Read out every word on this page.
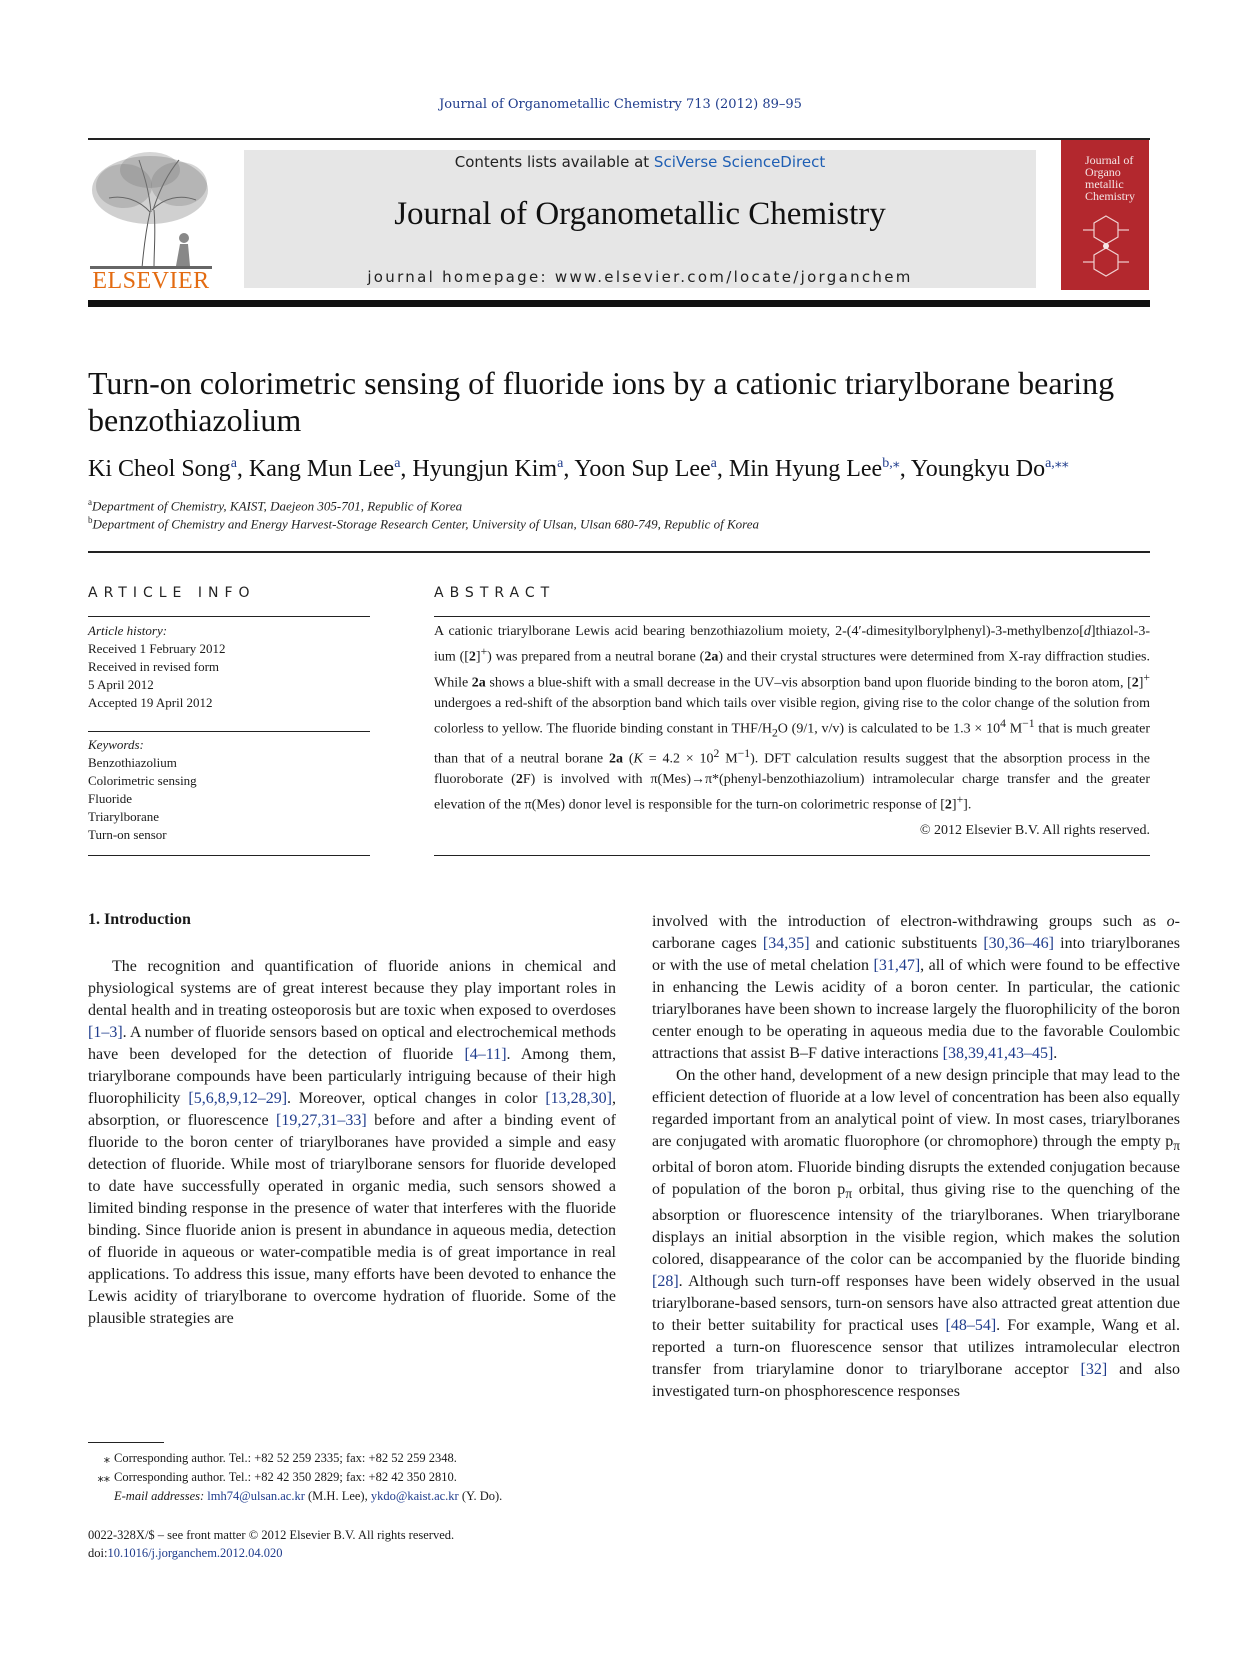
Journal of Organometallic Chemistry 713 (2012) 89–95
ELSEVIER
Contents lists available at SciVerse ScienceDirect
Journal of Organometallic Chemistry
journal homepage: www.elsevier.com/locate/jorganchem
Journal of Organo metallic Chemistry
Turn-on colorimetric sensing of fluoride ions by a cationic triarylborane bearing benzothiazolium
Ki Cheol Song$^a$, Kang Mun Lee$^a$, Hyungjun Kim$^a$, Yoon Sup Lee$^a$, Min Hyung Lee$^{b,⁎}$, Youngkyu $Do^{a,⁎⁎}$
$^a$Department of Chemistry, KAIST, Daejeon 305-701, Republic of Korea
$^b$Department of Chemistry and Energy Harvest-Storage Research Center, University of Ulsan, Ulsan 680-749, Republic of Korea
ARTICLE INFO
Article history:
Received 1 February 2012
Received in revised form
5 April 2012
Accepted 19 April 2012
Keywords:
Benzothiazolium
Colorimetric sensing
Fluoride
Triarylborane
Turn-on sensor
ABSTRACT
A cationic triarylborane Lewis acid bearing benzothiazolium moiety, 2-(4′-dimesitylborylphenyl)-3-methylbenzo[d]thiazol-3-ium ([2]+) was prepared from a neutral borane (2a) and their crystal structures were determined from X-ray diffraction studies. While 2a shows a blue-shift with a small decrease in the UV–vis absorption band upon fluoride binding to the boron atom, [2]+ undergoes a red-shift of the absorption band which tails over visible region, giving rise to the color change of the solution from colorless to yellow. The fluoride binding constant in THF/$H_2O$ (9/1, v/v) is calculated to be $1.3 \times 10^4$ $M^{-1}$ that is much greater than that of a neutral borane 2a ($K = 4.2 \times 10^2$ $M^{-1}$). DFT calculation results suggest that the absorption process in the fluoroborate (2F) is involved with π(Mes)→π*(phenyl-benzothiazolium) intramolecular charge transfer and the greater elevation of the π(Mes) donor level is responsible for the turn-on colorimetric response of [2]+].
© 2012 Elsevier B.V. All rights reserved.
1. Introduction

The recognition and quantification of fluoride anions in chemical and physiological systems are of great interest because they play important roles in dental health and in treating osteoporosis but are toxic when exposed to overdoses [1–3]. A number of fluoride sensors based on optical and electrochemical methods have been developed for the detection of fluoride [4–11]. Among them, triarylborane compounds have been particularly intriguing because of their high fluorophilicity [5,6,8,9,12–29]. Moreover, optical changes in color [13,28,30], absorption, or fluorescence [19,27,31–33] before and after a binding event of fluoride to the boron center of triarylboranes have provided a simple and easy detection of fluoride. While most of triarylborane sensors for fluoride developed to date have successfully operated in organic media, such sensors showed a limited binding response in the presence of water that interferes with the fluoride binding. Since fluoride anion is present in abundance in aqueous media, detection of fluoride in aqueous or water-compatible media is of great importance in real applications. To address this issue, many efforts have been devoted to enhance the Lewis acidity of triarylborane to overcome hydration of fluoride. Some of the plausible strategies are

involved with the introduction of electron-withdrawing groups such as o-carborane cages [34,35] and cationic substituents [30,36–46] into triarylboranes or with the use of metal chelation [31,47], all of which were found to be effective in enhancing the Lewis acidity of a boron center. In particular, the cationic triarylboranes have been shown to increase largely the fluorophilicity of the boron center enough to be operating in aqueous media due to the favorable Coulombic attractions that assist B–F dative interactions [38,39,41,43–45].

On the other hand, development of a new design principle that may lead to the efficient detection of fluoride at a low level of concentration has been also equally regarded important from an analytical point of view. In most cases, triarylboranes are conjugated with aromatic fluorophore (or chromophore) through the empty $p_\pi$ orbital of boron atom. Fluoride binding disrupts the extended conjugation because of population of the boron $p_\pi$ orbital, thus giving rise to the quenching of the absorption or fluorescence intensity of the triarylboranes. When triarylborane displays an initial absorption in the visible region, which makes the solution colored, disappearance of the color can be accompanied by the fluoride binding [28]. Although such turn-off responses have been widely observed in the usual triarylborane-based sensors, turn-on sensors have also attracted great attention due to their better suitability for practical uses [48–54]. For example, Wang et al. reported a turn-on fluorescence sensor that utilizes intramolecular electron transfer from triarylamine donor to triarylborane acceptor [32] and also investigated turn-on phosphorescence responses

⁎ Corresponding author. Tel.: +82 52 259 2335; fax: +82 52 259 2348.
⁎⁎ Corresponding author. Tel.: +82 42 350 2829; fax: +82 42 350 2810.
E-mail addresses: lmh74@ulsan.ac.kr (M.H. Lee), ykdo@kaist.ac.kr (Y. Do).
0022-328X/$ – see front matter © 2012 Elsevier B.V. All rights reserved.
doi:10.1016/j.jorganchem.2012.04.020
